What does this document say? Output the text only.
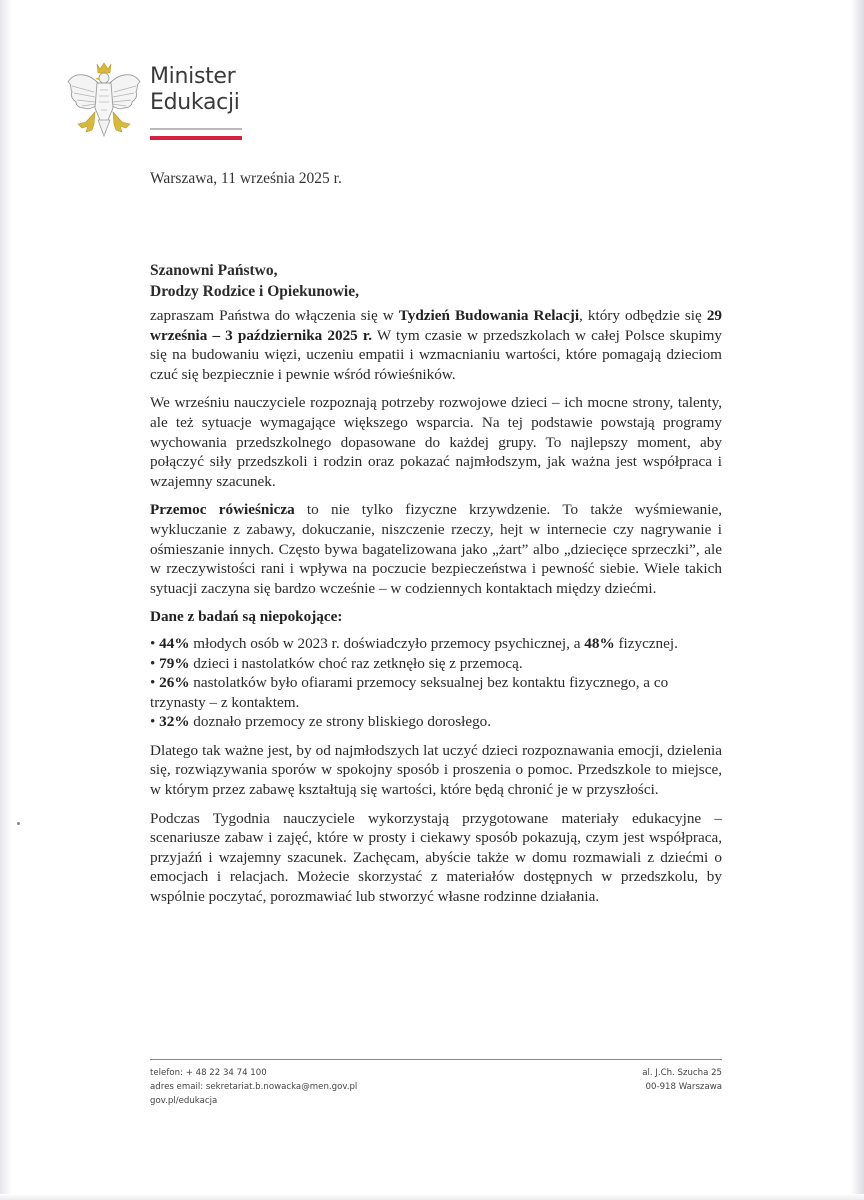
Minister
Edukacji
Warszawa, 11 września 2025 r.
Szanowni Państwo,
Drodzy Rodzice i Opiekunowie,

zapraszam Państwa do włączenia się w Tydzień Budowania Relacji, który odbędzie się 29 września – 3 października 2025 r. W tym czasie w przedszkolach w całej Polsce skupimy się na budowaniu więzi, uczeniu empatii i wzmacnianiu wartości, które pomagają dzieciom czuć się bezpiecznie i pewnie wśród rówieśników.

We wrześniu nauczyciele rozpoznają potrzeby rozwojowe dzieci – ich mocne strony, talenty, ale też sytuacje wymagające większego wsparcia. Na tej podstawie powstają programy wychowania przedszkolnego dopasowane do każdej grupy. To najlepszy moment, aby połączyć siły przedszkoli i rodzin oraz pokazać najmłodszym, jak ważna jest współpraca i wzajemny szacunek.

Przemoc rówieśnicza to nie tylko fizyczne krzywdzenie. To także wyśmiewanie, wykluczanie z zabawy, dokuczanie, niszczenie rzeczy, hejt w internecie czy nagrywanie i ośmieszanie innych. Często bywa bagatelizowana jako „żart” albo „dziecięce sprzeczki”, ale w rzeczywistości rani i wpływa na poczucie bezpieczeństwa i pewność siebie. Wiele takich sytuacji zaczyna się bardzo wcześnie – w codziennych kontaktach między dziećmi.

Dane z badań są niepokojące:

• 44% młodych osób w 2023 r. doświadczyło przemocy psychicznej, a 48% fizycznej.
• 79% dzieci i nastolatków choć raz zetknęło się z przemocą.
• 26% nastolatków było ofiarami przemocy seksualnej bez kontaktu fizycznego, a co trzynasty – z kontaktem.
• 32% doznało przemocy ze strony bliskiego dorosłego.

Dlatego tak ważne jest, by od najmłodszych lat uczyć dzieci rozpoznawania emocji, dzielenia się, rozwiązywania sporów w spokojny sposób i proszenia o pomoc. Przedszkole to miejsce, w którym przez zabawę kształtują się wartości, które będą chronić je w przyszłości.

Podczas Tygodnia nauczyciele wykorzystają przygotowane materiały edukacyjne – scenariusze zabaw i zajęć, które w prosty i ciekawy sposób pokazują, czym jest współpraca, przyjaźń i wzajemny szacunek. Zachęcam, abyście także w domu rozmawiali z dziećmi o emocjach i relacjach. Możecie skorzystać z materiałów dostępnych w przedszkolu, by wspólnie poczytać, porozmawiać lub stworzyć własne rodzinne działania.

telefon: + 48 22 34 74 100
adres email: sekretariat.b.nowacka@men.gov.pl
gov.pl/edukacja
al. J.Ch. Szucha 25
00-918 Warszawa
